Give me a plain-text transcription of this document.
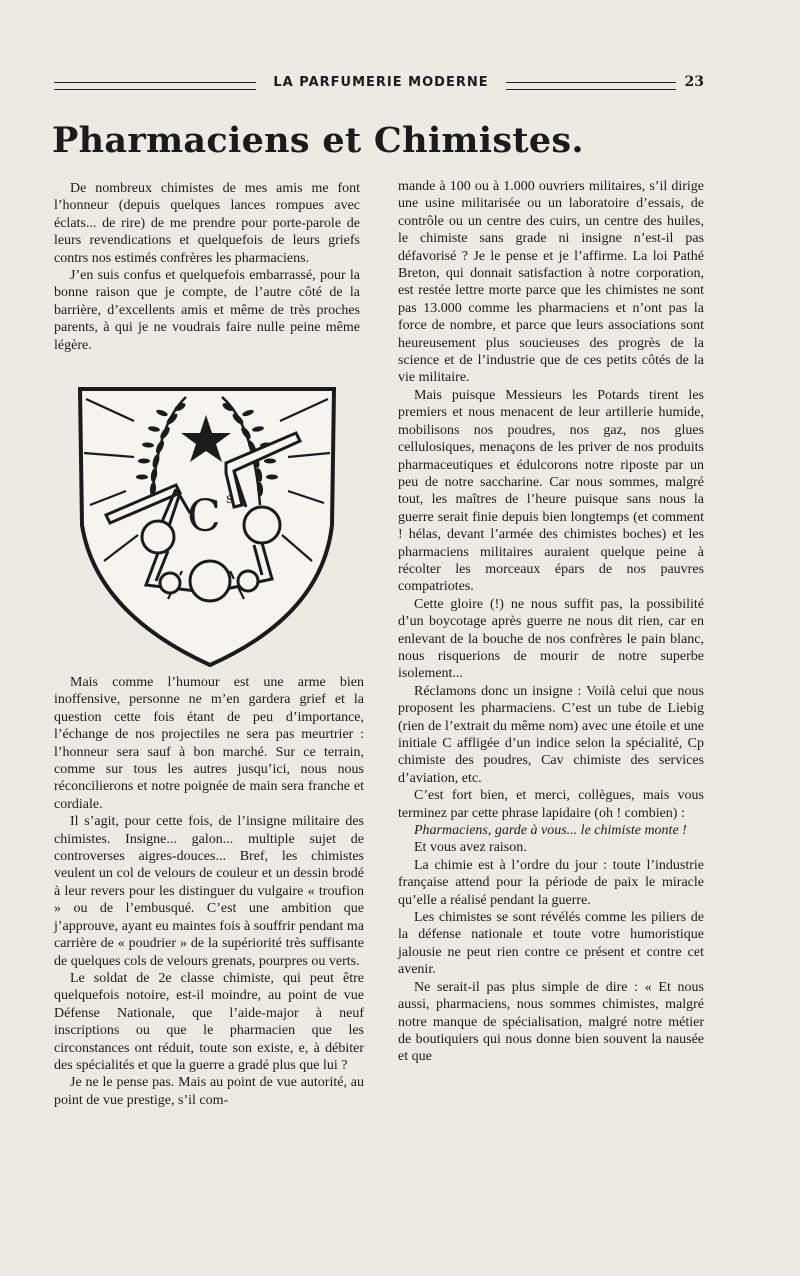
LA PARFUMERIE MODERNE	23
Pharmaciens et Chimistes.

De nombreux chimistes de mes amis me font l’honneur (depuis quelques lances rompues avec éclats... de rire) de me prendre pour porte-parole de leurs revendications et quelquefois de leurs griefs contrs nos estimés confrères les pharmaciens.

J’en suis confus et quelquefois embarrassé, pour la bonne raison que je compte, de l’autre côté de la barrière, d’excellents amis et même de très proches parents, à qui je ne voudrais faire nulle peine même légère.

C s

Mais comme l’humour est une arme bien inoffensive, personne ne m’en gardera grief et la question cette fois étant de peu d’importance, l’échange de nos projectiles ne sera pas meurtrier : l’honneur sera sauf à bon marché. Sur ce terrain, comme sur tous les autres jusqu’ici, nous nous réconcilierons et notre poignée de main sera franche et cordiale.

Il s’agit, pour cette fois, de l’insigne militaire des chimistes. Insigne... galon... multiple sujet de controverses aigres-douces... Bref, les chimistes veulent un col de velours de couleur et un dessin brodé à leur revers pour les distinguer du vulgaire « troufion » ou de l’embusqué. C’est une ambition que j’approuve, ayant eu maintes fois à souffrir pendant ma carrière de « poudrier » de la supériorité très suffisante de quelques cols de velours grenats, pourpres ou verts.

Le soldat de 2e classe chimiste, qui peut être quelquefois notoire, est-il moindre, au point de vue Défense Nationale, que l’aide-major à neuf inscriptions ou que le pharmacien que les circonstances ont réduit, toute son existe, e, à débiter des spécialités et que la guerre a gradé plus que lui ?

Je ne le pense pas. Mais au point de vue autorité, au point de vue prestige, s’il com-

mande à 100 ou à 1.000 ouvriers militaires, s’il dirige une usine militarisée ou un laboratoire d’essais, de contrôle ou un centre des cuirs, un centre des huiles, le chimiste sans grade ni insigne n’est-il pas défavorisé ? Je le pense et je l’affirme. La loi Pathé Breton, qui donnait satisfaction à notre corporation, est restée lettre morte parce que les chimistes ne sont pas 13.000 comme les pharmaciens et n’ont pas la force de nombre, et parce que leurs associations sont heureusement plus soucieuses des progrès de la science et de l’industrie que de ces petits côtés de la vie militaire.

Mais puisque Messieurs les Potards tirent les premiers et nous menacent de leur artillerie humide, mobilisons nos poudres, nos gaz, nos glues cellulosiques, menaçons de les priver de nos produits pharmaceutiques et édulcorons notre riposte par un peu de notre saccharine. Car nous sommes, malgré tout, les maîtres de l’heure puisque sans nous la guerre serait finie depuis bien longtemps (et comment ! hélas, devant l’armée des chimistes boches) et les pharmaciens militaires auraient quelque peine à récolter les morceaux épars de nos pauvres compatriotes.

Cette gloire (!) ne nous suffit pas, la possibilité d’un boycotage après guerre ne nous dit rien, car en enlevant de la bouche de nos confrères le pain blanc, nous risquerions de mourir de notre superbe isolement...

Réclamons donc un insigne : Voilà celui que nous proposent les pharmaciens. C’est un tube de Liebig (rien de l’extrait du même nom) avec une étoile et une initiale C affligée d’un indice selon la spécialité, Cp chimiste des poudres, Cav chimiste des services d’aviation, etc.

C’est fort bien, et merci, collègues, mais vous terminez par cette phrase lapidaire (oh ! combien) :

Pharmaciens, garde à vous... le chimiste monte !

Et vous avez raison.

La chimie est à l’ordre du jour : toute l’industrie française attend pour la période de paix le miracle qu’elle a réalisé pendant la guerre.

Les chimistes se sont révélés comme les piliers de la défense nationale et toute votre humoristique jalousie ne peut rien contre ce présent et contre cet avenir.

Ne serait-il pas plus simple de dire : « Et nous aussi, pharmaciens, nous sommes chimistes, malgré notre manque de spécialisation, malgré notre métier de boutiquiers qui nous donne bien souvent la nausée et que
